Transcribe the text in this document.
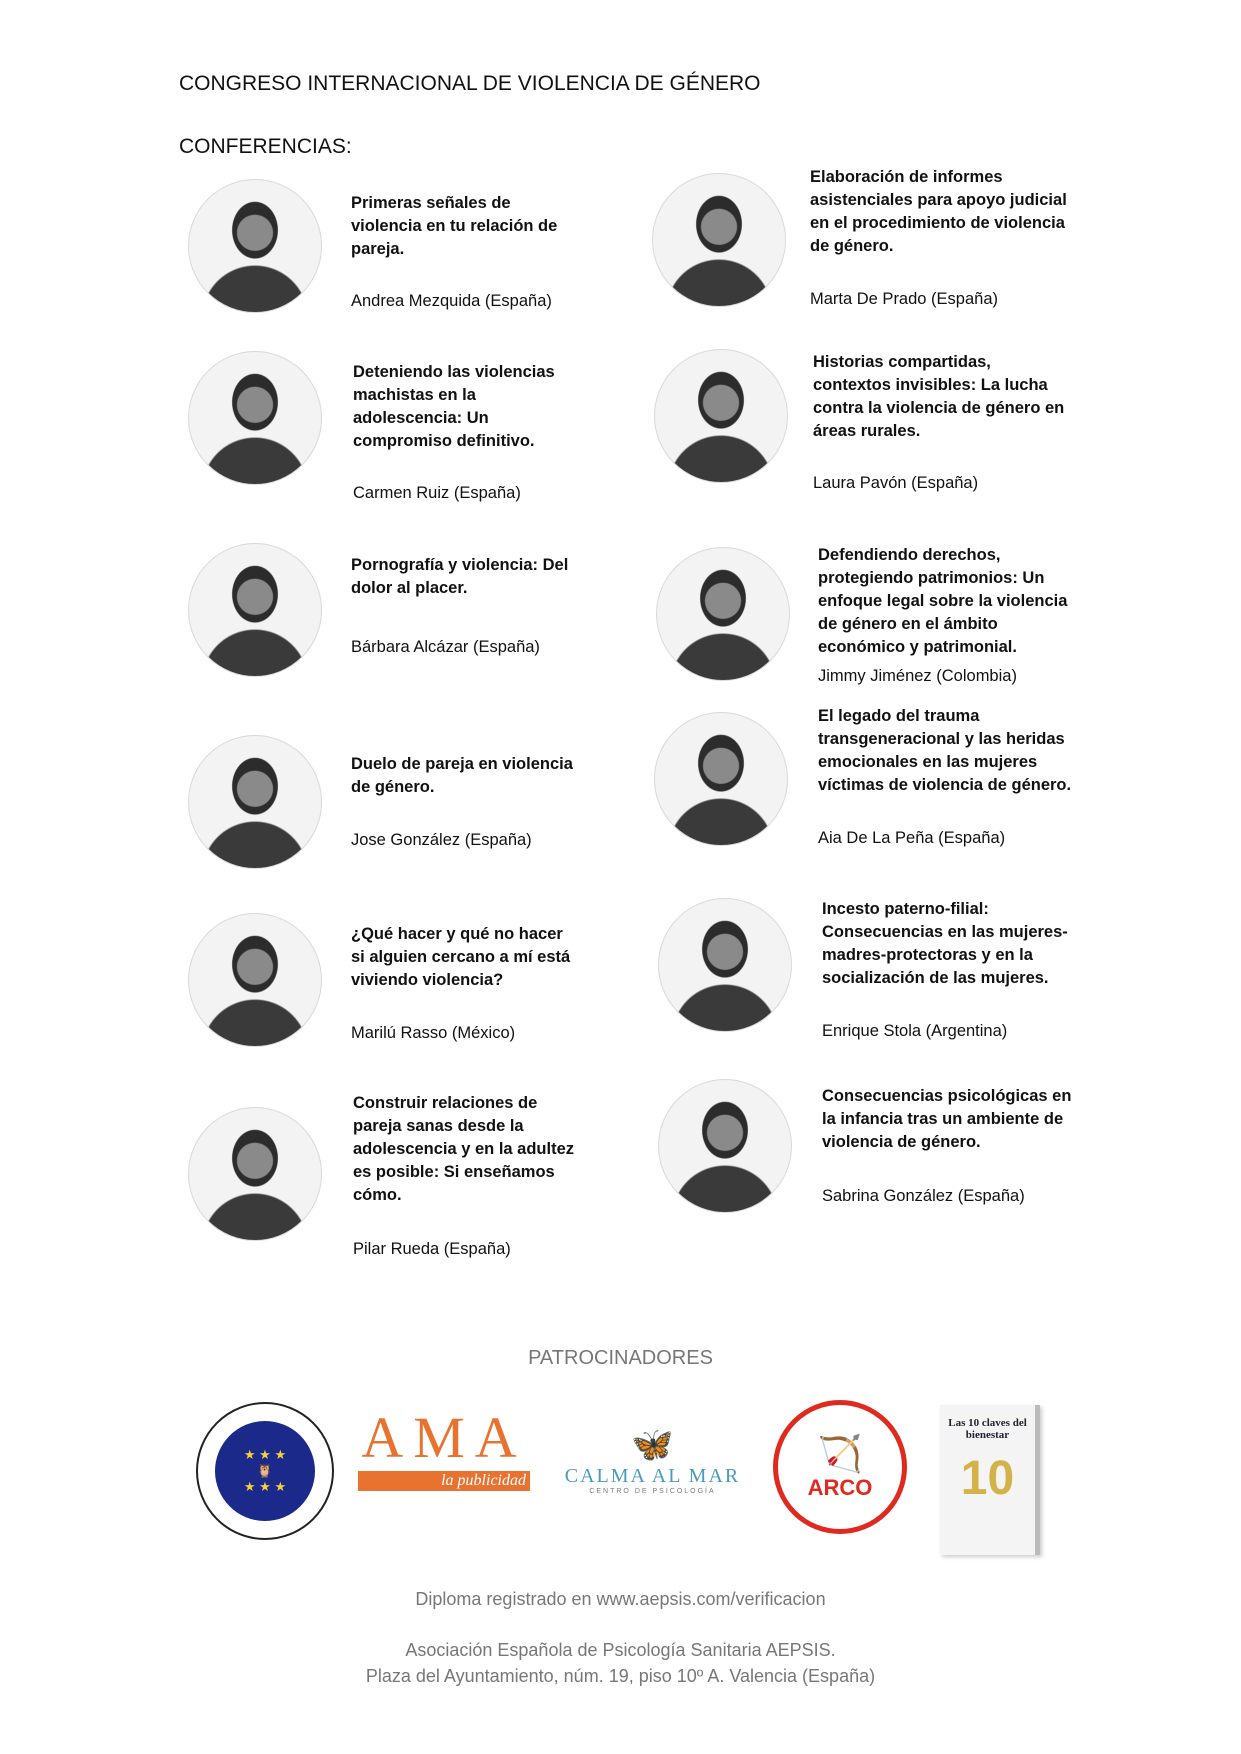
CONGRESO INTERNACIONAL DE VIOLENCIA DE GÉNERO
CONFERENCIAS:
Primeras señales de violencia en tu relación de pareja.
Andrea Mezquida (España)
Deteniendo las violencias machistas en la adolescencia: Un compromiso definitivo.
Carmen Ruiz (España)
Pornografía y violencia: Del dolor al placer.
Bárbara Alcázar (España)
Duelo de pareja en violencia de género.
Jose González (España)
¿Qué hacer y qué no hacer si alguien cercano a mí está viviendo violencia?
Marilú Rasso (México)
Construir relaciones de pareja sanas desde la adolescencia y en la adultez es posible: Si enseñamos cómo.
Pilar Rueda (España)
Elaboración de informes asistenciales para apoyo judicial en el procedimiento de violencia de género.
Marta De Prado (España)
Historias compartidas, contextos invisibles: La lucha contra la violencia de género en áreas rurales.
Laura Pavón (España)
Defendiendo derechos, protegiendo patrimonios: Un enfoque legal sobre la violencia de género en el ámbito económico y patrimonial.
Jimmy Jiménez (Colombia)
El legado del trauma transgeneracional y las heridas emocionales en las mujeres víctimas de violencia de género.
Aia De La Peña (España)
Incesto paterno-filial: Consecuencias en las mujeres-madres-protectoras y en la socialización de las mujeres.
Enrique Stola (Argentina)
Consecuencias psicológicas en la infancia tras un ambiente de violencia de género.
Sabrina González (España)
PATROCINADORES
★ ★ ★
🦉
★ ★ ★
AMA
la publicidad
🦋
CALMA AL MAR
CENTRO DE PSICOLOGÍA
🏹
ARCO
Las 10 claves del bienestar
10
Diploma registrado en www.aepsis.com/verificacion
Asociación Española de Psicología Sanitaria AEPSIS.
Plaza del Ayuntamiento, núm. 19, piso 10º A. Valencia (España)
